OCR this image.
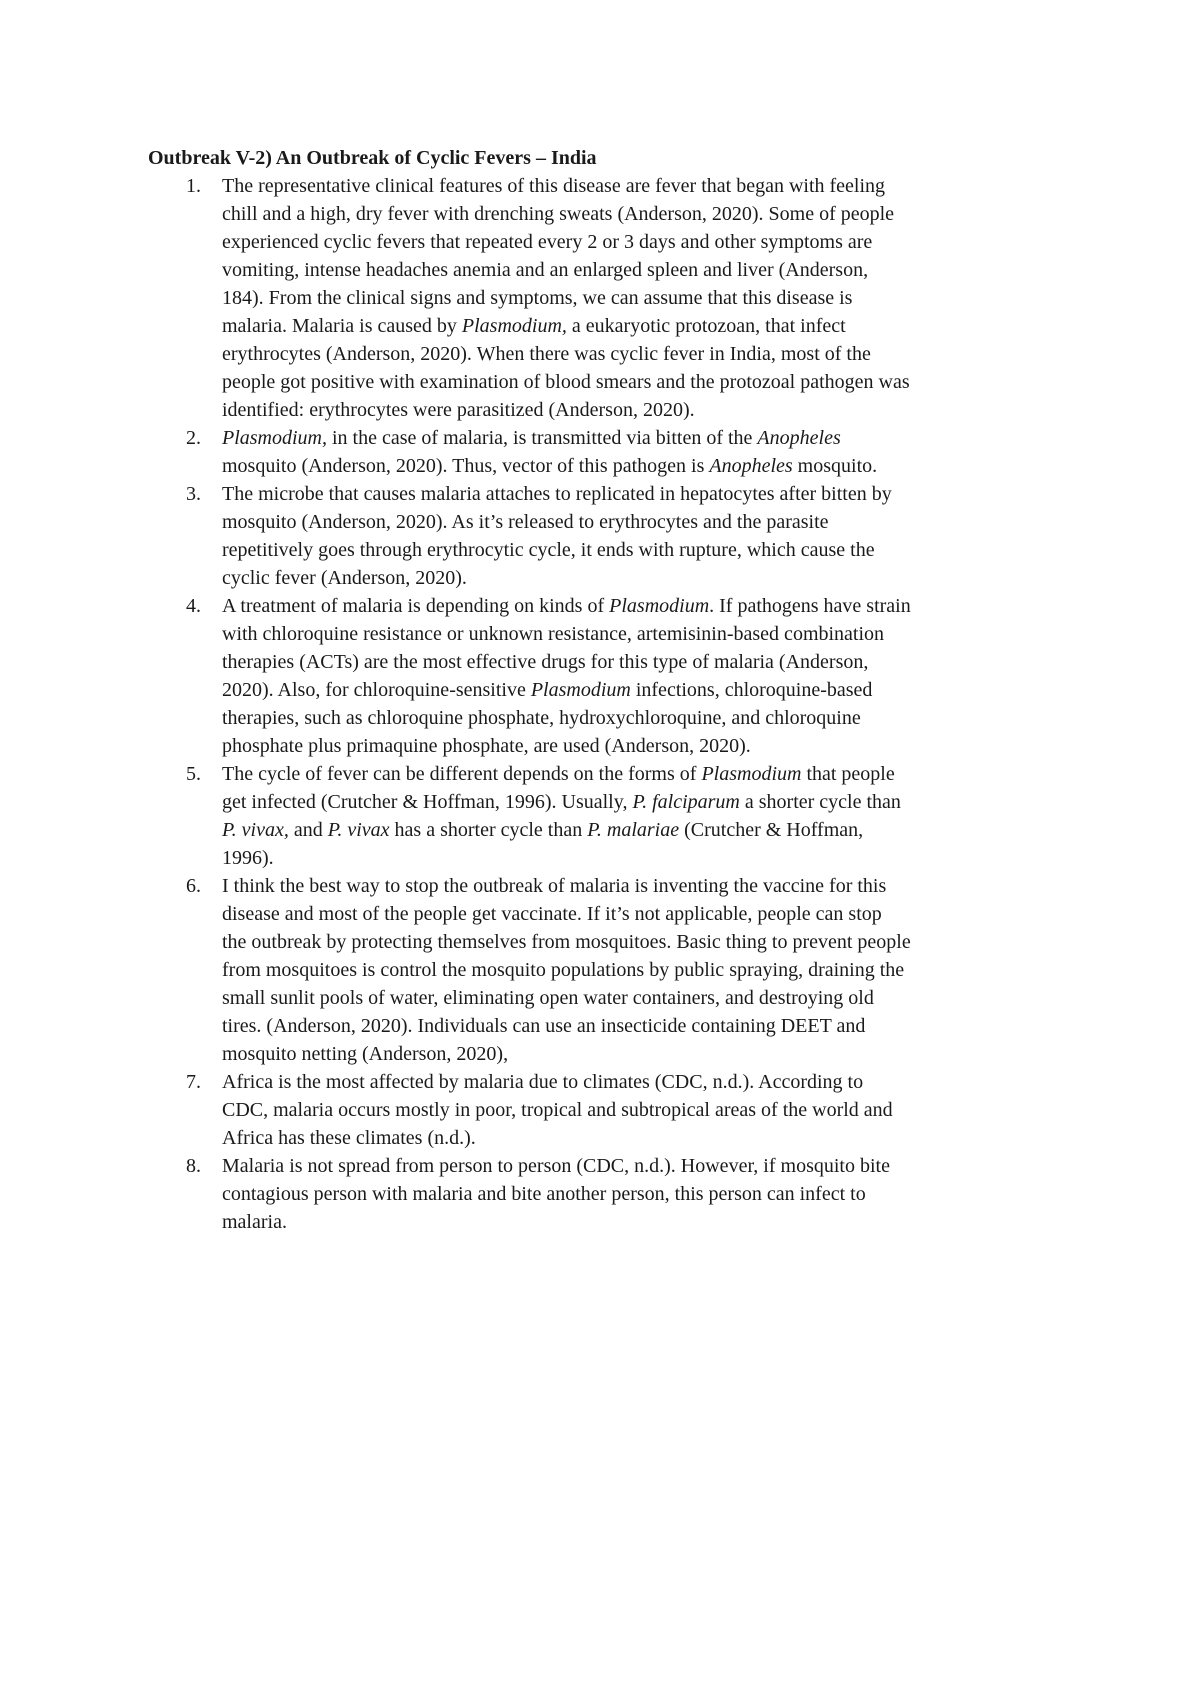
Outbreak V-2) An Outbreak of Cyclic Fevers – India
1. The representative clinical features of this disease are fever that began with feeling
chill and a high, dry fever with drenching sweats (Anderson, 2020). Some of people
experienced cyclic fevers that repeated every 2 or 3 days and other symptoms are
vomiting, intense headaches anemia and an enlarged spleen and liver (Anderson,
184). From the clinical signs and symptoms, we can assume that this disease is
malaria. Malaria is caused by Plasmodium, a eukaryotic protozoan, that infect
erythrocytes (Anderson, 2020). When there was cyclic fever in India, most of the
people got positive with examination of blood smears and the protozoal pathogen was
identified: erythrocytes were parasitized (Anderson, 2020).
2. Plasmodium, in the case of malaria, is transmitted via bitten of the Anopheles
mosquito (Anderson, 2020). Thus, vector of this pathogen is Anopheles mosquito.
3. The microbe that causes malaria attaches to replicated in hepatocytes after bitten by
mosquito (Anderson, 2020). As it’s released to erythrocytes and the parasite
repetitively goes through erythrocytic cycle, it ends with rupture, which cause the
cyclic fever (Anderson, 2020).
4. A treatment of malaria is depending on kinds of Plasmodium. If pathogens have strain
with chloroquine resistance or unknown resistance, artemisinin-based combination
therapies (ACTs) are the most effective drugs for this type of malaria (Anderson,
2020). Also, for chloroquine-sensitive Plasmodium infections, chloroquine-based
therapies, such as chloroquine phosphate, hydroxychloroquine, and chloroquine
phosphate plus primaquine phosphate, are used (Anderson, 2020).
5. The cycle of fever can be different depends on the forms of Plasmodium that people
get infected (Crutcher & Hoffman, 1996). Usually, P. falciparum a shorter cycle than
P. vivax, and P. vivax has a shorter cycle than P. malariae (Crutcher & Hoffman,
1996).
6. I think the best way to stop the outbreak of malaria is inventing the vaccine for this
disease and most of the people get vaccinate. If it’s not applicable, people can stop
the outbreak by protecting themselves from mosquitoes. Basic thing to prevent people
from mosquitoes is control the mosquito populations by public spraying, draining the
small sunlit pools of water, eliminating open water containers, and destroying old
tires. (Anderson, 2020). Individuals can use an insecticide containing DEET and
mosquito netting (Anderson, 2020),
7. Africa is the most affected by malaria due to climates (CDC, n.d.). According to
CDC, malaria occurs mostly in poor, tropical and subtropical areas of the world and
Africa has these climates (n.d.).
8. Malaria is not spread from person to person (CDC, n.d.). However, if mosquito bite
contagious person with malaria and bite another person, this person can infect to
malaria.
